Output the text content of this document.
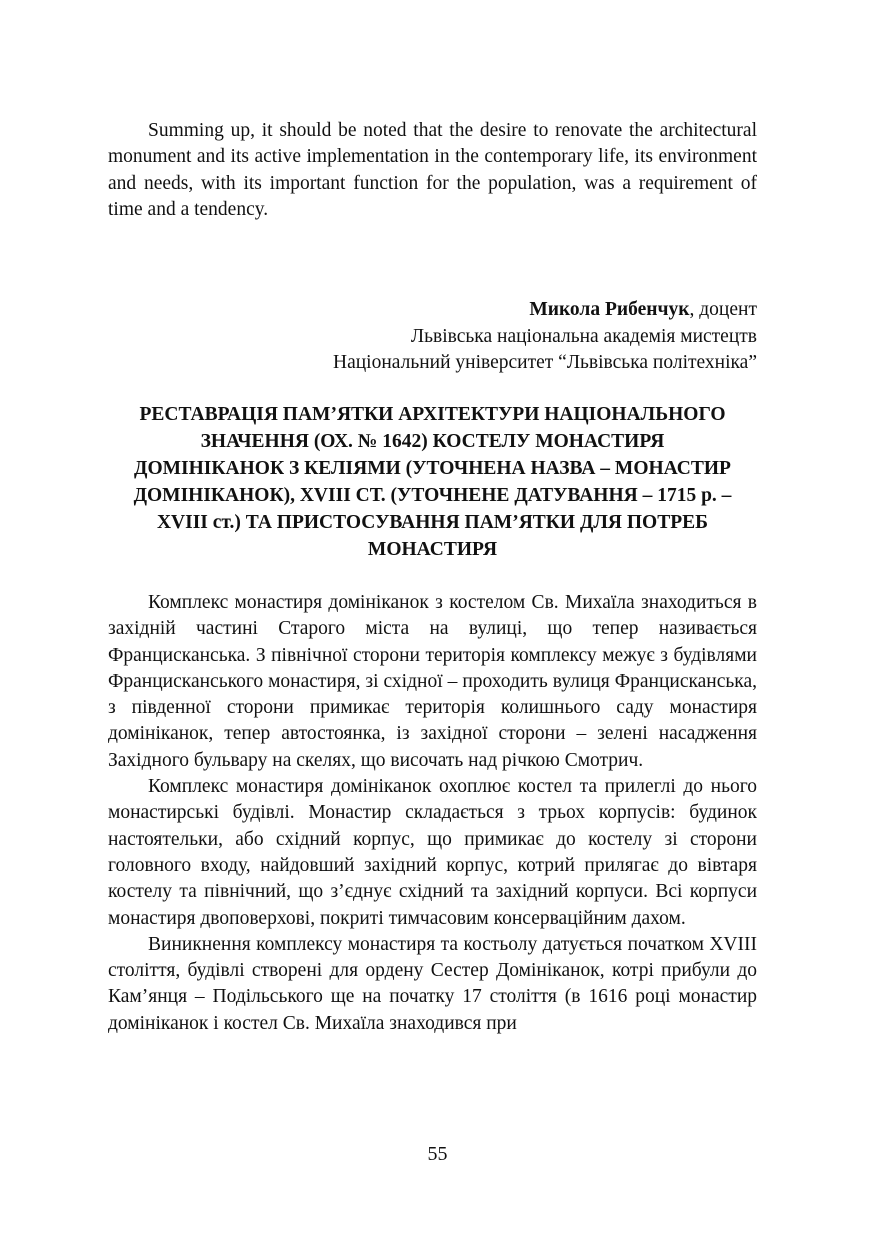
Summing up, it should be noted that the desire to renovate the architectural monument and its active implementation in the contemporary life, its environment and needs, with its important function for the population, was a requirement of time and a tendency.

Микола Рибенчук, доцент
Львівська національна академія мистецтв
Національний університет “Львівська політехніка”
РЕСТАВРАЦІЯ ПАМ’ЯТКИ АРХІТЕКТУРИ НАЦІОНАЛЬНОГО
ЗНАЧЕННЯ (ОХ. № 1642) КОСТЕЛУ МОНАСТИРЯ
ДОМІНІКАНОК З КЕЛІЯМИ (УТОЧНЕНА НАЗВА – МОНАСТИР
ДОМІНІКАНОК), XVIII СТ. (УТОЧНЕНЕ ДАТУВАННЯ – 1715 р. –
XVIII ст.) ТА ПРИСТОСУВАННЯ ПАМ’ЯТКИ ДЛЯ ПОТРЕБ
МОНАСТИРЯ

Комплекс монастиря домініканок з костелом Св. Михаїла знаходиться в західній частині Старого міста на вулиці, що тепер називається Францисканська. З північної сторони територія комплексу межує з будівлями Францисканського монастиря, зі східної – проходить вулиця Францисканська, з південної сторони примикає територія колишнього саду монастиря домініканок, тепер автостоянка, із західної сторони – зелені насадження Західного бульвару на скелях, що височать над річкою Смотрич.

Комплекс монастиря домініканок охоплює костел та прилеглі до нього монастирські будівлі. Монастир складається з трьох корпусів: будинок настоятельки, або східний корпус, що примикає до костелу зі сторони головного входу, найдовший західний корпус, котрий прилягає до вівтаря костелу та північний, що з’єднує східний та західний корпуси. Всі корпуси монастиря двоповерхові, покриті тимчасовим консерваційним дахом.

Виникнення комплексу монастиря та костьолу датується початком XVIII століття, будівлі створені для ордену Сестер Домініканок, котрі прибули до Кам’янця – Подільського ще на початку 17 століття (в 1616 році монастир домініканок і костел Св. Михаїла знаходився при

55
